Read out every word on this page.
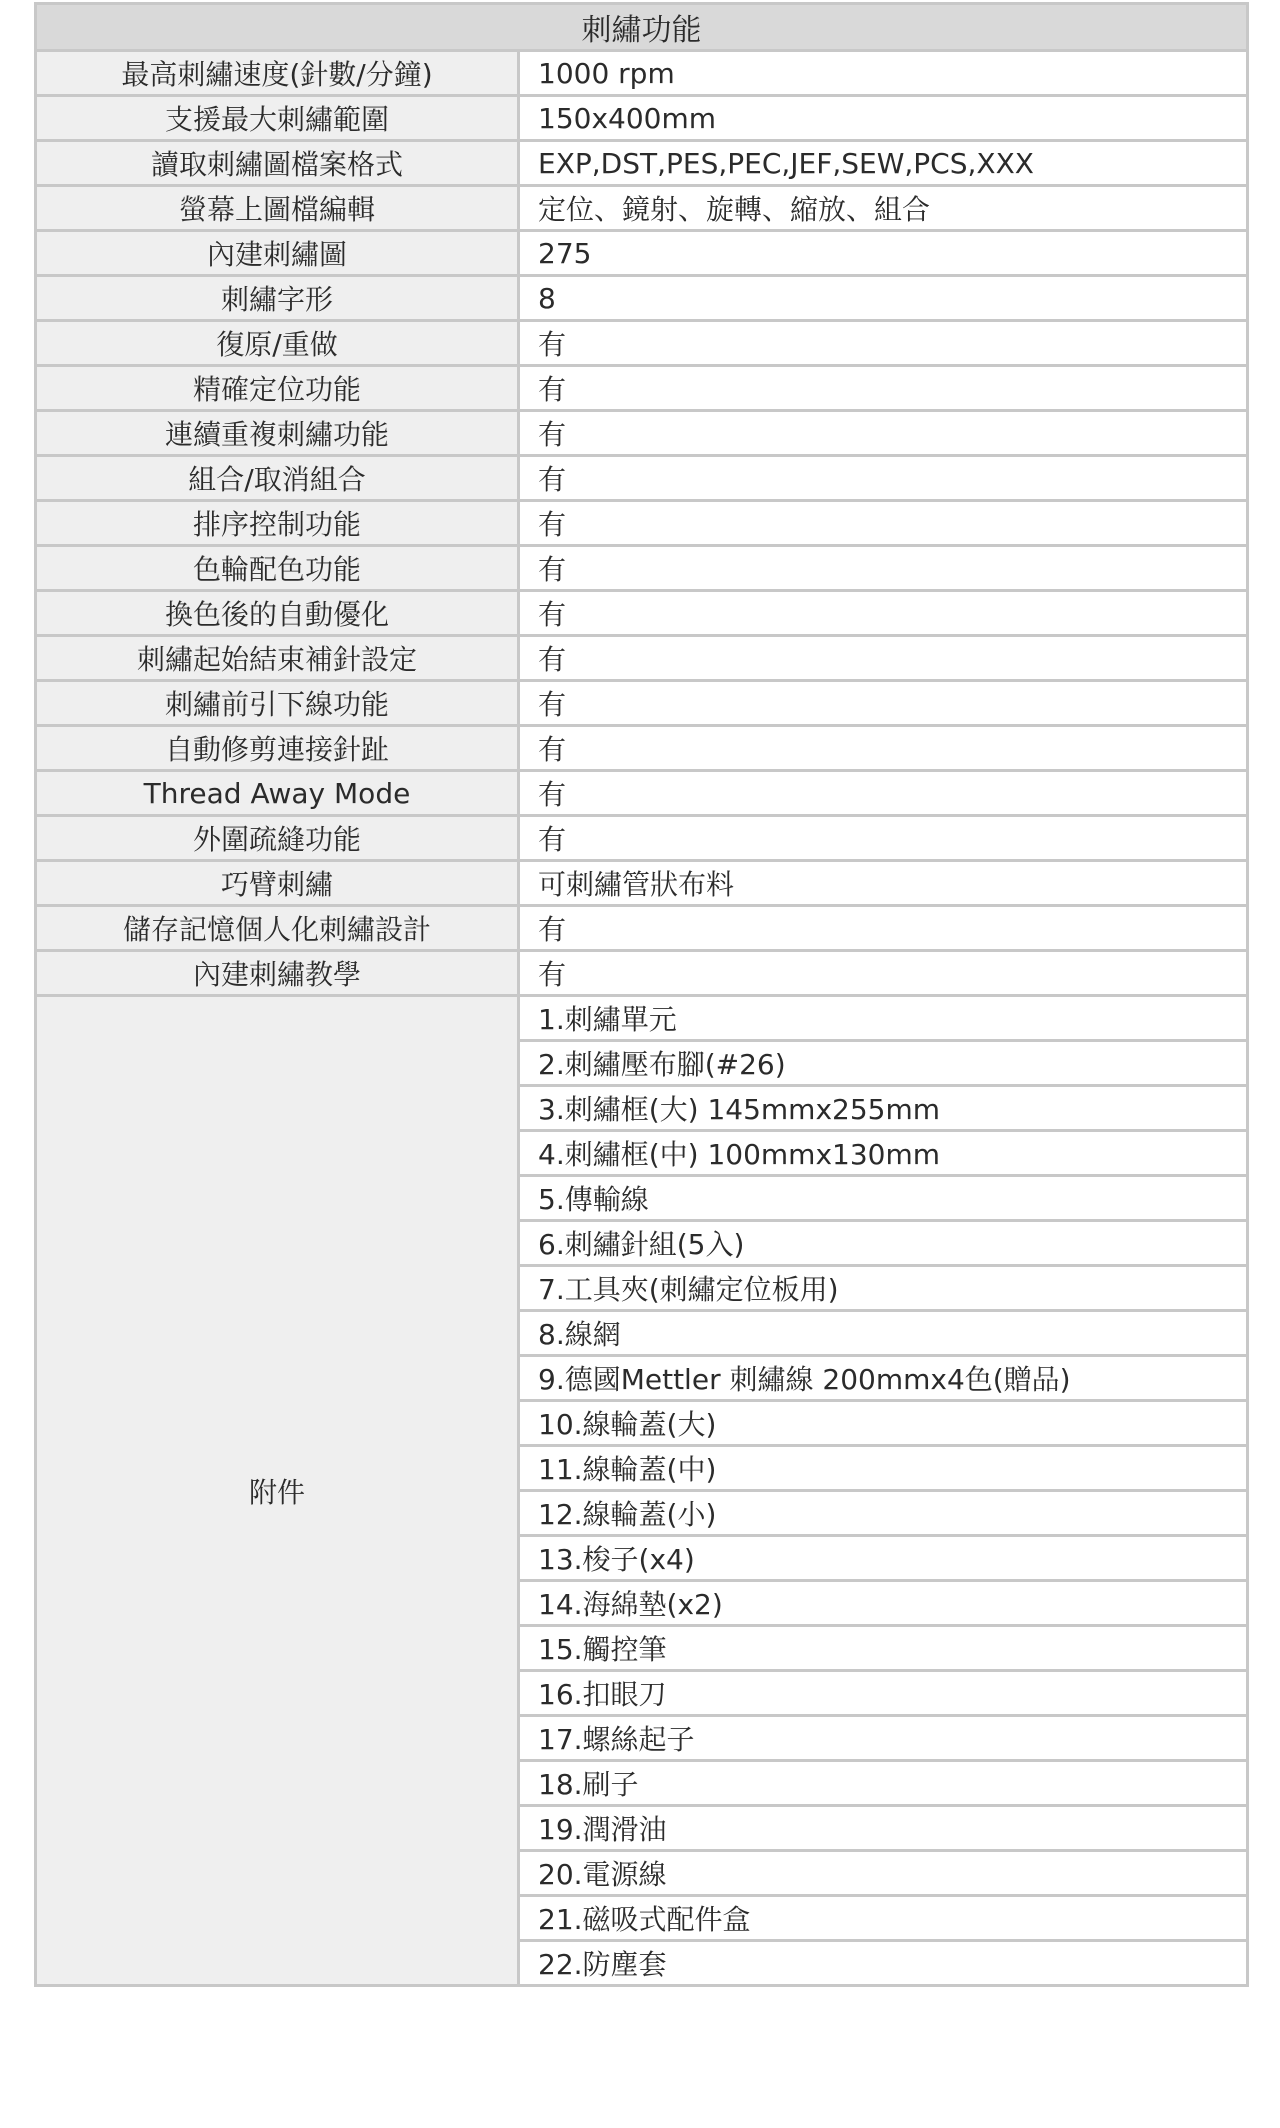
刺繡功能	
最高刺繡速度(針數/分鐘)	1000 rpm
支援最大刺繡範圍	150x400mm
讀取刺繡圖檔案格式	EXP,DST,PES,PEC,JEF,SEW,PCS,XXX
螢幕上圖檔編輯	定位、鏡射、旋轉、縮放、組合
內建刺繡圖	275
刺繡字形	8
復原/重做	有
精確定位功能	有
連續重複刺繡功能	有
組合/取消組合	有
排序控制功能	有
色輪配色功能	有
換色後的自動優化	有
刺繡起始結束補針設定	有
刺繡前引下線功能	有
自動修剪連接針趾	有
Thread Away Mode	有
外圍疏縫功能	有
巧臂刺繡	可刺繡管狀布料
儲存記憶個人化刺繡設計	有
內建刺繡教學	有
附件	1.刺繡單元
	2.刺繡壓布腳(#26)
	3.刺繡框(大) 145mmx255mm
	4.刺繡框(中) 100mmx130mm
	5.傳輸線
	6.刺繡針組(5入)
	7.工具夾(刺繡定位板用)
	8.線網
	9.德國Mettler 刺繡線 200mmx4色(贈品)
	10.線輪蓋(大)
	11.線輪蓋(中)
	12.線輪蓋(小)
	13.梭子(x4)
	14.海綿墊(x2)
	15.觸控筆
	16.扣眼刀
	17.螺絲起子
	18.刷子
	19.潤滑油
	20.電源線
	21.磁吸式配件盒
	22.防塵套
